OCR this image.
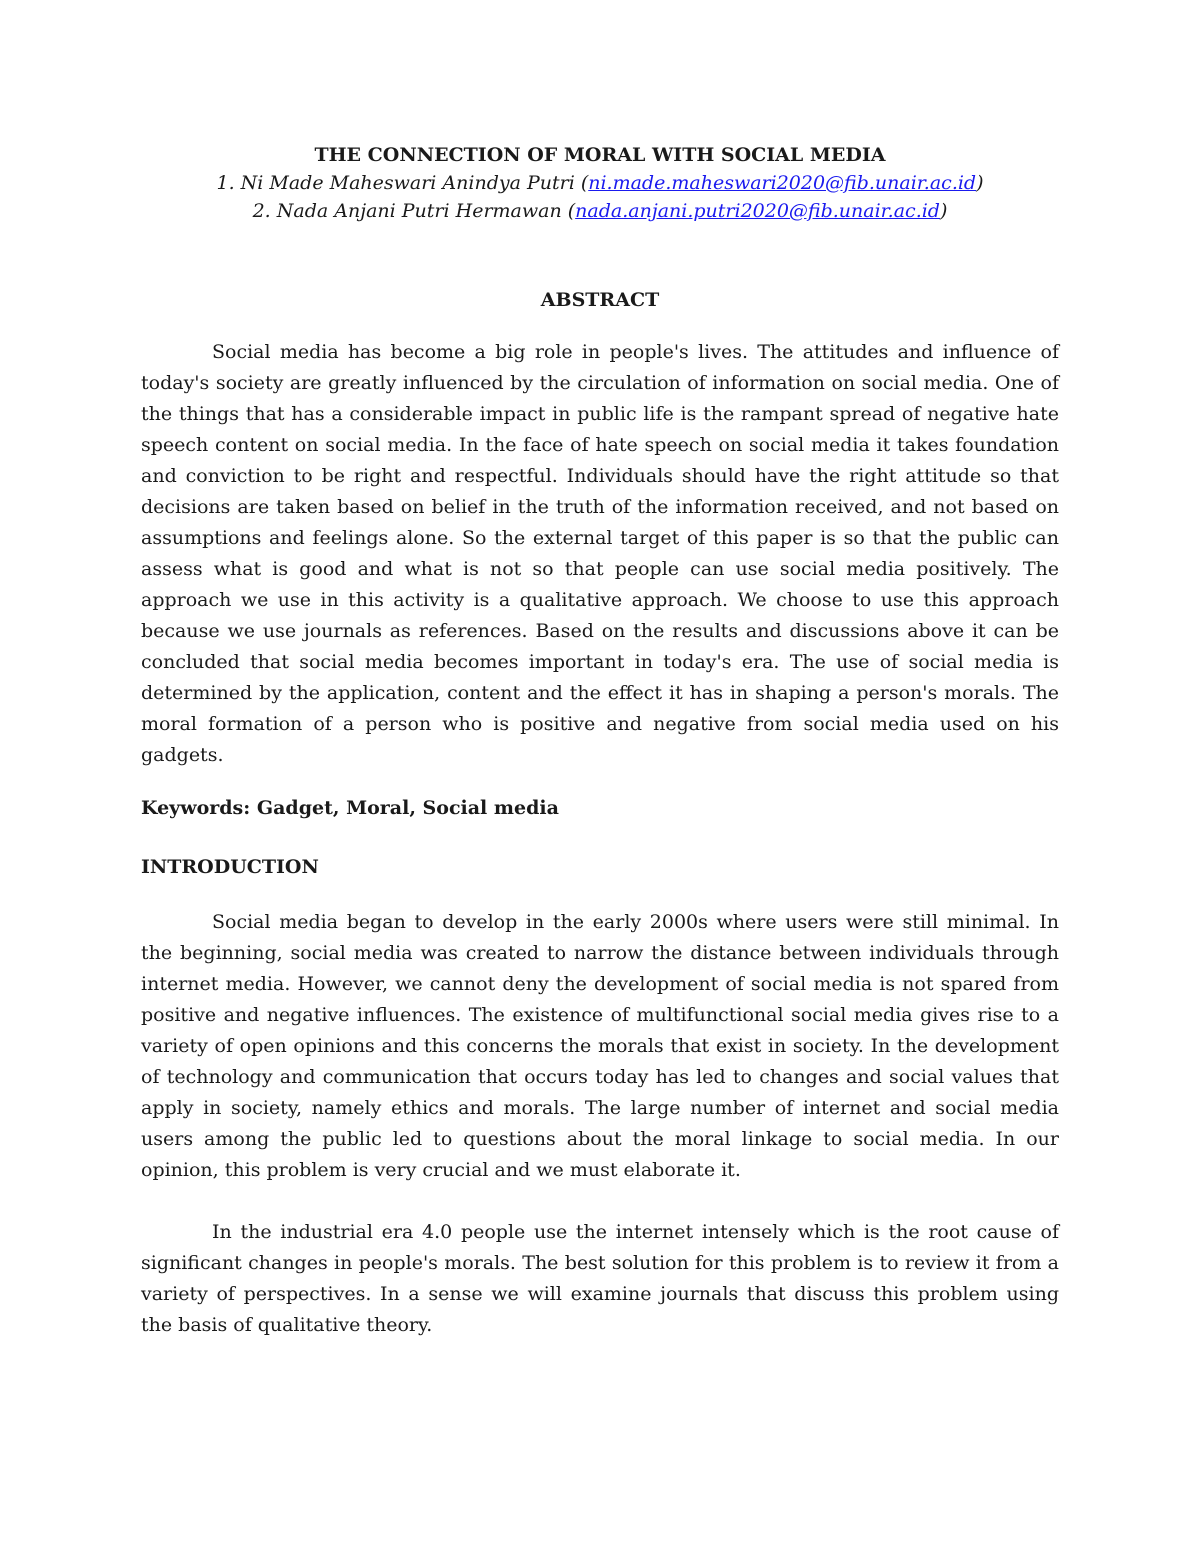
THE CONNECTION OF MORAL WITH SOCIAL MEDIA

1. Ni Made Maheswari Anindya Putri (ni.made.maheswari2020@fib.unair.ac.id)

2. Nada Anjani Putri Hermawan (nada.anjani.putri2020@fib.unair.ac.id)

ABSTRACT

Social media has become a big role in people's lives. The attitudes and influence of today's society are greatly influenced by the circulation of information on social media. One of the things that has a considerable impact in public life is the rampant spread of negative hate speech content on social media. In the face of hate speech on social media it takes foundation and conviction to be right and respectful. Individuals should have the right attitude so that decisions are taken based on belief in the truth of the information received, and not based on assumptions and feelings alone. So the external target of this paper is so that the public can assess what is good and what is not so that people can use social media positively. The approach we use in this activity is a qualitative approach. We choose to use this approach because we use journals as references. Based on the results and discussions above it can be concluded that social media becomes important in today's era. The use of social media is determined by the application, content and the effect it has in shaping a person's morals. The moral formation of a person who is positive and negative from social media used on his gadgets.

Keywords: Gadget, Moral, Social media

INTRODUCTION

Social media began to develop in the early 2000s where users were still minimal. In the beginning, social media was created to narrow the distance between individuals through internet media. However, we cannot deny the development of social media is not spared from positive and negative influences. The existence of multifunctional social media gives rise to a variety of open opinions and this concerns the morals that exist in society. In the development of technology and communication that occurs today has led to changes and social values that apply in society, namely ethics and morals. The large number of internet and social media users among the public led to questions about the moral linkage to social media. In our opinion, this problem is very crucial and we must elaborate it.

In the industrial era 4.0 people use the internet intensely which is the root cause of significant changes in people's morals. The best solution for this problem is to review it from a variety of perspectives. In a sense we will examine journals that discuss this problem using the basis of qualitative theory.
